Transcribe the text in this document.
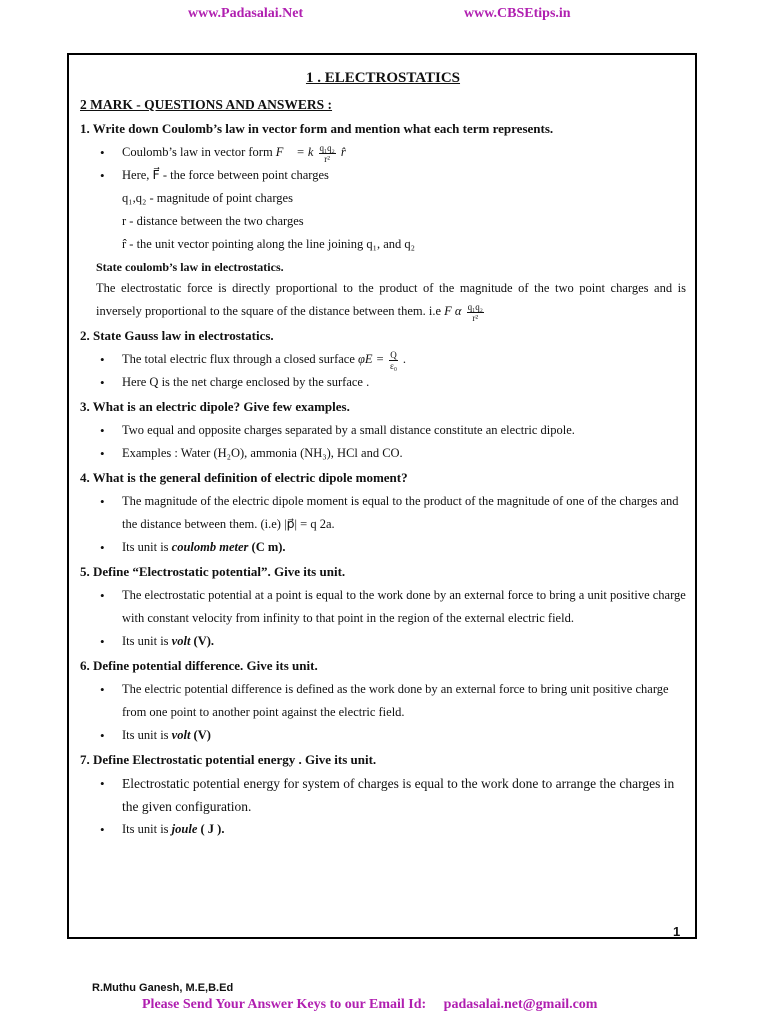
www.Padasalai.Net	www.CBSEtips.in
1 . ELECTROSTATICS
2 MARK - QUESTIONS AND ANSWERS :
1. Write down Coulomb’s law in vector form and mention what each term represents.
• Coulomb’s law in vector form F⃗ = k $\frac{\text{q₁q₂}}{\text{r²}}$ r̂
• Here, F⃗ - the force between point charges
q₁,q₂ - magnitude of point charges
r - distance between the two charges
r̂ - the unit vector pointing along the line joining q₁, and q₂
State coulomb’s law in electrostatics.
The electrostatic force is directly proportional to the product of the magnitude of the two point charges and is inversely proportional to the square of the distance between them. i.e F α $\frac{\text{q₁q₂}}{\text{r²}}$
2. State Gauss law in electrostatics.
• The total electric flux through a closed surface $\varphi E = \frac{Q}{\text{ε₀}}$ .
• Here Q is the net charge enclosed by the surface .
3. What is an electric dipole? Give few examples.
• Two equal and opposite charges separated by a small distance constitute an electric dipole.
• Examples : Water (H₂O), ammonia (NH₃), HCl and CO.
4. What is the general definition of electric dipole moment?
• The magnitude of the electric dipole moment is equal to the product of the magnitude of one of the charges and the distance between them. (i.e) |p⃗| = q 2a.
• Its unit is coulomb meter (C m).
5. Define “Electrostatic potential”. Give its unit.
• The electrostatic potential at a point is equal to the work done by an external force to bring a unit positive charge with constant velocity from infinity to that point in the region of the external electric field.
• Its unit is volt (V).
6. Define potential difference. Give its unit.
• The electric potential difference is defined as the work done by an external force to bring unit positive charge from one point to another point against the electric field.
• Its unit is volt (V)
7. Define Electrostatic potential energy . Give its unit.
• Electrostatic potential energy for system of charges is equal to the work done to arrange the charges in the given configuration.
• Its unit is joule ( J ).
1
R.Muthu Ganesh, M.E,B.Ed
Please Send Your Answer Keys to our Email Id: padasalai.net@gmail.com
